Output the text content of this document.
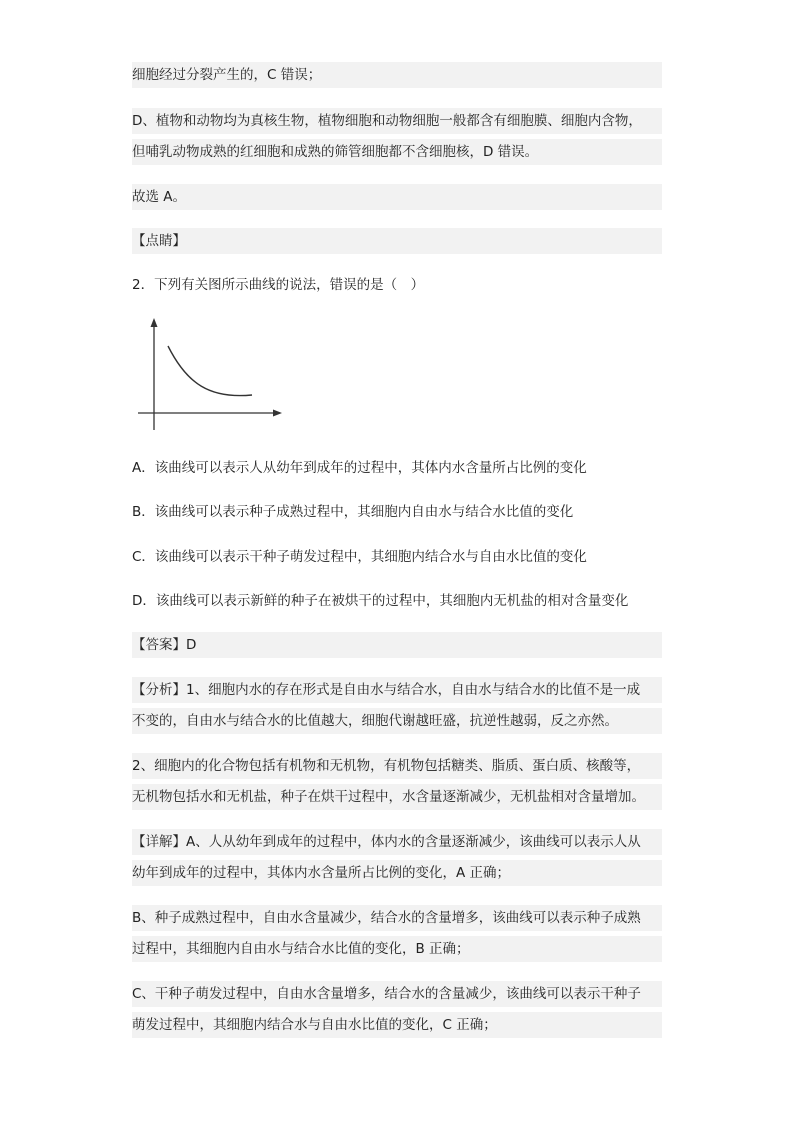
细胞经过分裂产生的，C 错误；
D、植物和动物均为真核生物，植物细胞和动物细胞一般都含有细胞膜、细胞内含物，
但哺乳动物成熟的红细胞和成熟的筛管细胞都不含细胞核，D 错误。
故选 A。
【点睛】
2．下列有关图所示曲线的说法，错误的是（　）
A．该曲线可以表示人从幼年到成年的过程中，其体内水含量所占比例的变化
B．该曲线可以表示种子成熟过程中，其细胞内自由水与结合水比值的变化
C．该曲线可以表示干种子萌发过程中，其细胞内结合水与自由水比值的变化
D．该曲线可以表示新鲜的种子在被烘干的过程中，其细胞内无机盐的相对含量变化
【答案】D
【分析】1、细胞内水的存在形式是自由水与结合水，自由水与结合水的比值不是一成
不变的，自由水与结合水的比值越大，细胞代谢越旺盛，抗逆性越弱，反之亦然。
2、细胞内的化合物包括有机物和无机物，有机物包括糖类、脂质、蛋白质、核酸等，
无机物包括水和无机盐，种子在烘干过程中，水含量逐渐减少，无机盐相对含量增加。
【详解】A、人从幼年到成年的过程中，体内水的含量逐渐减少，该曲线可以表示人从
幼年到成年的过程中，其体内水含量所占比例的变化，A 正确；
B、种子成熟过程中，自由水含量减少，结合水的含量增多，该曲线可以表示种子成熟
过程中，其细胞内自由水与结合水比值的变化，B 正确；
C、干种子萌发过程中，自由水含量增多，结合水的含量减少，该曲线可以表示干种子
萌发过程中，其细胞内结合水与自由水比值的变化，C 正确；
